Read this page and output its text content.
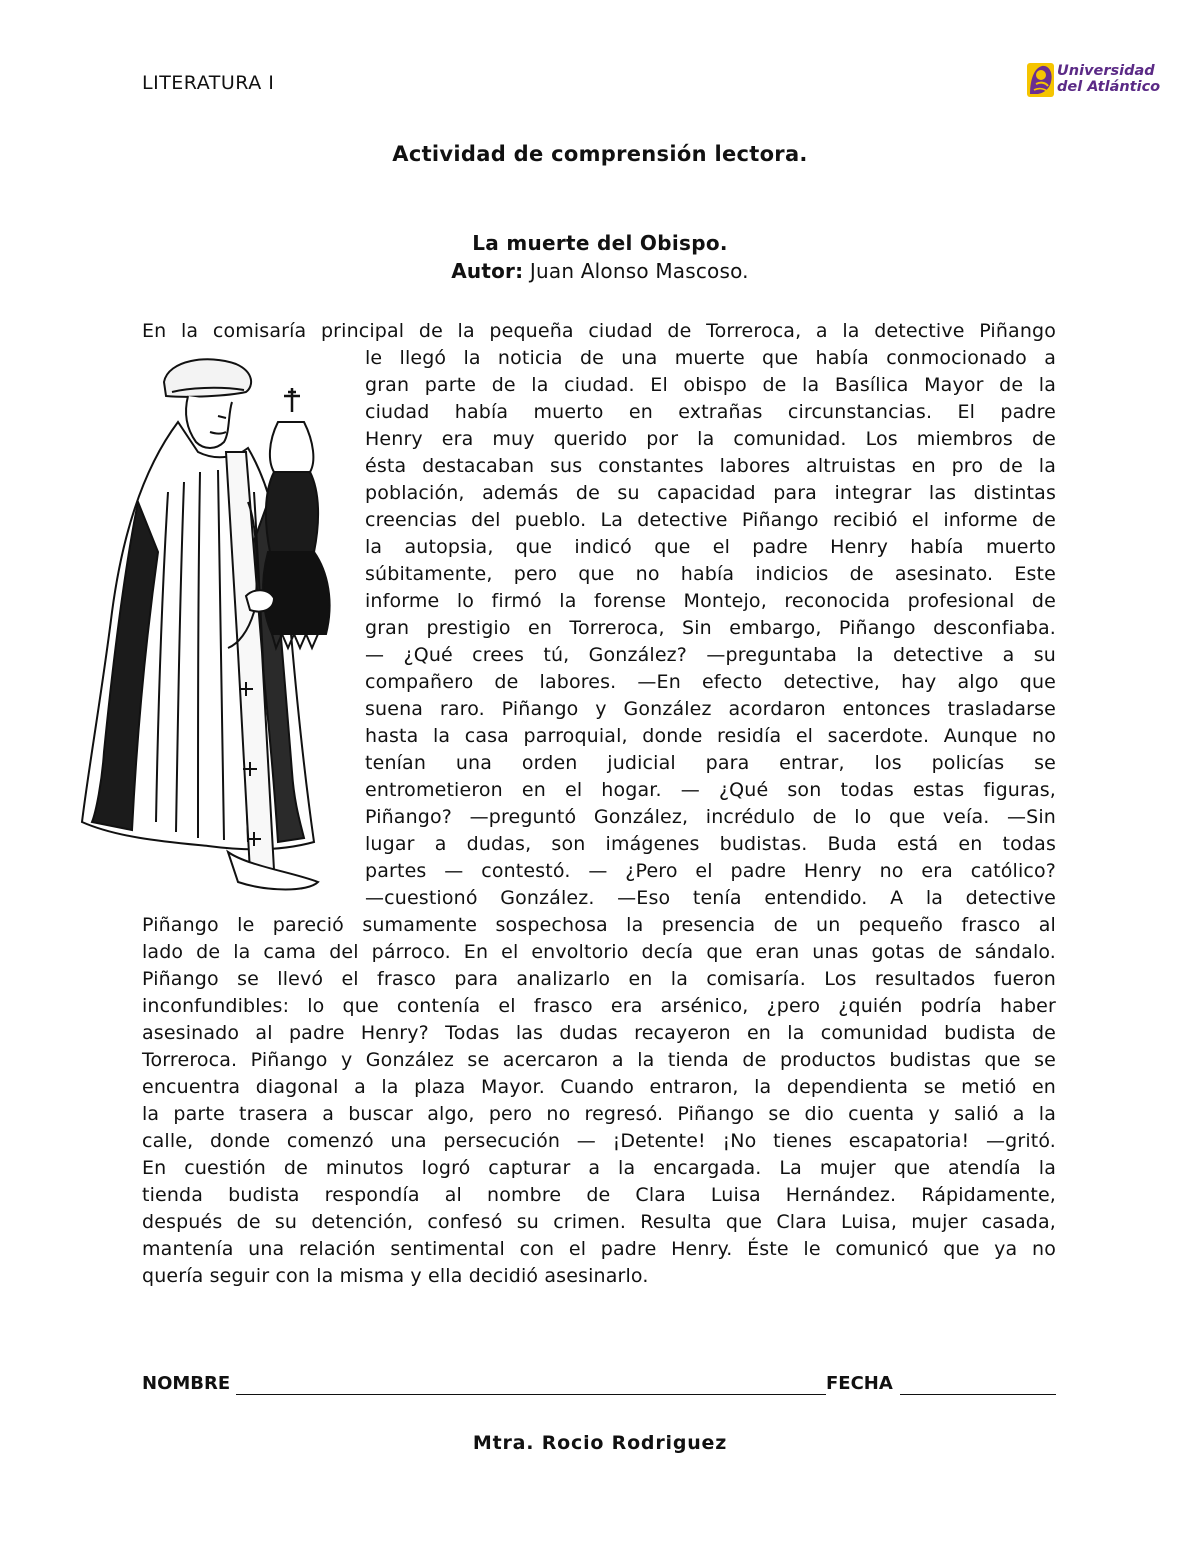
LITERATURA I
Universidad
del Atlántico
Actividad de comprensión lectora.
La muerte del Obispo.
Autor: Juan Alonso Mascoso.
En la comisaría principal de la pequeña ciudad de Torreroca, a la detective Piñango
le llegó la noticia de una muerte que había conmocionado a
gran parte de la ciudad. El obispo de la Basílica Mayor de la
ciudad había muerto en extrañas circunstancias. El padre
Henry era muy querido por la comunidad. Los miembros de
ésta destacaban sus constantes labores altruistas en pro de la
población, además de su capacidad para integrar las distintas
creencias del pueblo. La detective Piñango recibió el informe de
la autopsia, que indicó que el padre Henry había muerto
súbitamente, pero que no había indicios de asesinato. Este
informe lo firmó la forense Montejo, reconocida profesional de
gran prestigio en Torreroca, Sin embargo, Piñango desconfiaba.
— ¿Qué crees tú, González? —preguntaba la detective a su
compañero de labores. —En efecto detective, hay algo que
suena raro. Piñango y González acordaron entonces trasladarse
hasta la casa parroquial, donde residía el sacerdote. Aunque no
tenían una orden judicial para entrar, los policías se
entrometieron en el hogar. — ¿Qué son todas estas figuras,
Piñango? —preguntó González, incrédulo de lo que veía. —Sin
lugar a dudas, son imágenes budistas. Buda está en todas
partes — contestó. — ¿Pero el padre Henry no era católico?
—cuestionó González. —Eso tenía entendido. A la detective
Piñango le pareció sumamente sospechosa la presencia de un pequeño frasco al
lado de la cama del párroco. En el envoltorio decía que eran unas gotas de sándalo.
Piñango se llevó el frasco para analizarlo en la comisaría. Los resultados fueron
inconfundibles: lo que contenía el frasco era arsénico, ¿pero ¿quién podría haber
asesinado al padre Henry? Todas las dudas recayeron en la comunidad budista de
Torreroca. Piñango y González se acercaron a la tienda de productos budistas que se
encuentra diagonal a la plaza Mayor. Cuando entraron, la dependienta se metió en
la parte trasera a buscar algo, pero no regresó. Piñango se dio cuenta y salió a la
calle, donde comenzó una persecución — ¡Detente! ¡No tienes escapatoria! —gritó.
En cuestión de minutos logró capturar a la encargada. La mujer que atendía la
tienda budista respondía al nombre de Clara Luisa Hernández. Rápidamente,
después de su detención, confesó su crimen. Resulta que Clara Luisa, mujer casada,
mantenía una relación sentimental con el padre Henry. Éste le comunicó que ya no
quería seguir con la misma y ella decidió asesinarlo.
NOMBRE	FECHA
Mtra. Rocio Rodriguez
